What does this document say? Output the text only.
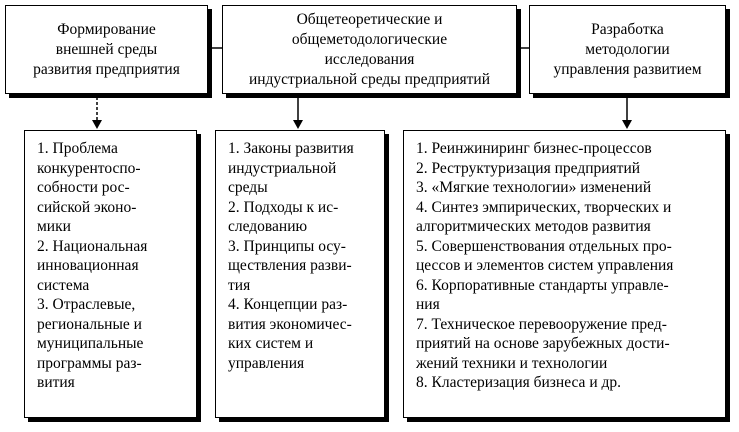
Формирование
внешней среды
развития предприятия
Общетеоретические и
общеметодологические
исследования
индустриальной среды предприятий
Разработка
методологии
управления развитием
1. Проблема
конкурентоспо-
собности рос-
сийской эконо-
мики
2. Национальная
инновационная
система
3. Отраслевые,
региональные и
муниципальные
программы раз-
вития
1. Законы развития
индустриальной
среды
2. Подходы к ис-
следованию
3. Принципы осу-
ществления разви-
тия
4. Концепции раз-
вития экономичес-
ких систем и
управления
1. Реинжиниринг бизнес-процессов
2. Реструктуризация предприятий
3. «Мягкие технологии» изменений
4. Синтез эмпирических, творческих и
алгоритмических методов развития
5. Совершенствования отдельных про-
цессов и элементов систем управления
6. Корпоративные стандарты управле-
ния
7. Техническое перевооружение пред-
приятий на основе зарубежных дости-
жений техники и технологии
8. Кластеризация бизнеса и др.
